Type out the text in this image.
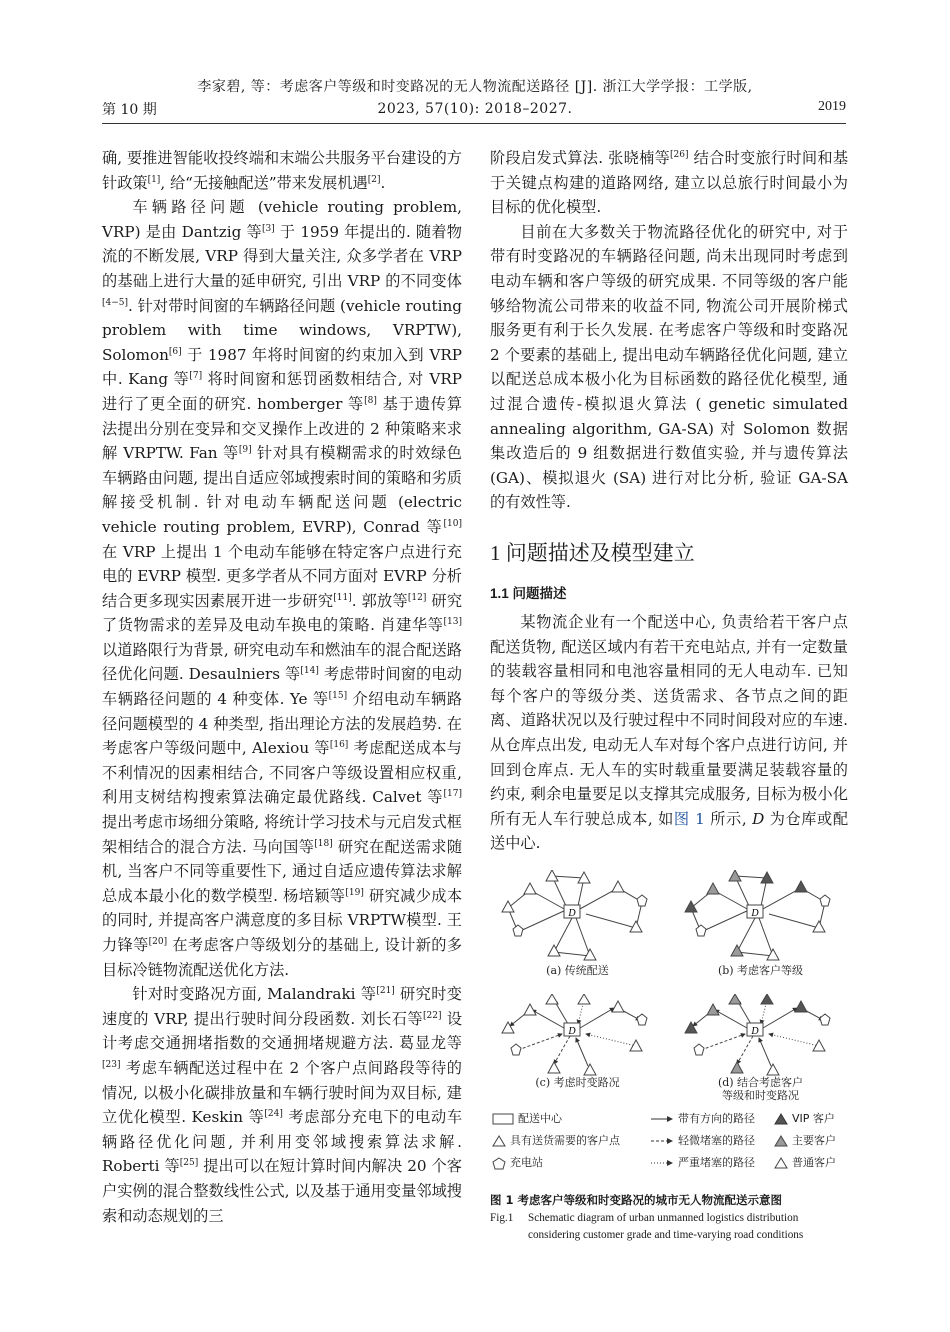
李家碧, 等：考虑客户等级和时变路况的无人物流配送路径 [J]. 浙江大学学报：工学版,
2023, 57(10): 2018–2027.
第 10 期	2019

确, 要推进智能收投终端和末端公共服务平台建设的方针政策[1], 给“无接触配送”带来发展机遇[2].

车辆路径问题 (vehicle routing problem, VRP) 是由 Dantzig 等[3] 于 1959 年提出的. 随着物流的不断发展, VRP 得到大量关注, 众多学者在 VRP 的基础上进行大量的延申研究, 引出 VRP 的不同变体[4−5]. 针对带时间窗的车辆路径问题 (vehicle routing problem with time windows, VRPTW), Solomon[6] 于 1987 年将时间窗的约束加入到 VRP 中. Kang 等[7] 将时间窗和惩罚函数相结合, 对 VRP 进行了更全面的研究. homberger 等[8] 基于遗传算法提出分别在变异和交叉操作上改进的 2 种策略来求解 VRPTW. Fan 等[9] 针对具有模糊需求的时效绿色车辆路由问题, 提出自适应邻域搜索时间的策略和劣质解接受机制. 针对电动车辆配送问题 (electric vehicle routing problem, EVRP), Conrad 等[10] 在 VRP 上提出 1 个电动车能够在特定客户点进行充电的 EVRP 模型. 更多学者从不同方面对 EVRP 分析结合更多现实因素展开进一步研究[11]. 郭放等[12] 研究了货物需求的差异及电动车换电的策略. 肖建华等[13] 以道路限行为背景, 研究电动车和燃油车的混合配送路径优化问题. Desaulniers 等[14] 考虑带时间窗的电动车辆路径问题的 4 种变体. Ye 等[15] 介绍电动车辆路径问题模型的 4 种类型, 指出理论方法的发展趋势. 在考虑客户等级问题中, Alexiou 等[16] 考虑配送成本与不利情况的因素相结合, 不同客户等级设置相应权重, 利用支树结构搜索算法确定最优路线. Calvet 等[17] 提出考虑市场细分策略, 将统计学习技术与元启发式框架相结合的混合方法. 马向国等[18] 研究在配送需求随机, 当客户不同等重要性下, 通过自适应遗传算法求解总成本最小化的数学模型. 杨培颖等[19] 研究减少成本的同时, 并提高客户满意度的多目标 VRPTW模型. 王力锋等[20] 在考虑客户等级划分的基础上, 设计新的多目标冷链物流配送优化方法.

针对时变路况方面, Malandraki 等[21] 研究时变速度的 VRP, 提出行驶时间分段函数. 刘长石等[22] 设计考虑交通拥堵指数的交通拥堵规避方法. 葛显龙等[23] 考虑车辆配送过程中在 2 个客户点间路段等待的情况, 以极小化碳排放量和车辆行驶时间为双目标, 建立优化模型. Keskin 等[24] 考虑部分充电下的电动车辆路径优化问题, 并利用变邻域搜索算法求解. Roberti 等[25] 提出可以在短计算时间内解决 20 个客户实例的混合整数线性公式, 以及基于通用变量邻域搜索和动态规划的三

阶段启发式算法. 张晓楠等[26] 结合时变旅行时间和基于关键点构建的道路网络, 建立以总旅行时间最小为目标的优化模型.

目前在大多数关于物流路径优化的研究中, 对于带有时变路况的车辆路径问题, 尚未出现同时考虑到电动车辆和客户等级的研究成果. 不同等级的客户能够给物流公司带来的收益不同, 物流公司开展阶梯式服务更有利于长久发展. 在考虑客户等级和时变路况 2 个要素的基础上, 提出电动车辆路径优化问题, 建立以配送总成本极小化为目标函数的路径优化模型, 通过混合遗传-模拟退火算法 ( genetic simulated annealing algorithm, GA-SA) 对 Solomon 数据集改造后的 9 组数据进行数值实验, 并与遗传算法 (GA)、模拟退火 (SA) 进行对比分析, 验证 GA-SA 的有效性等.

1 问题描述及模型建立

1.1 问题描述

某物流企业有一个配送中心, 负责给若干客户点配送货物, 配送区域内有若干充电站点, 并有一定数量的装载容量相同和电池容量相同的无人电动车. 已知每个客户的等级分类、送货需求、各节点之间的距离、道路状况以及行驶过程中不同时间段对应的车速. 从仓库点出发, 电动无人车对每个客户点进行访问, 并回到仓库点. 无人车的实时载重量要满足装载容量的约束, 剩余电量要足以支撑其完成服务, 目标为极小化所有无人车行驶总成本, 如图 1 所示, D 为仓库或配送中心.

D
(a) 传统配送
D
(b) 考虑客户等级
D
(c) 考虑时变路况
D
(d) 结合考虑客户
等级和时变路况
配送中心
具有送货需要的客户点
充电站
带有方向的路径
轻微堵塞的路径
严重堵塞的路径
VIP 客户
主要客户
普通客户
图 1 考虑客户等级和时变路况的城市无人物流配送示意图
Fig.1 Schematic diagram of urban unmanned logistics distribution
considering customer grade and time-varying road conditions
